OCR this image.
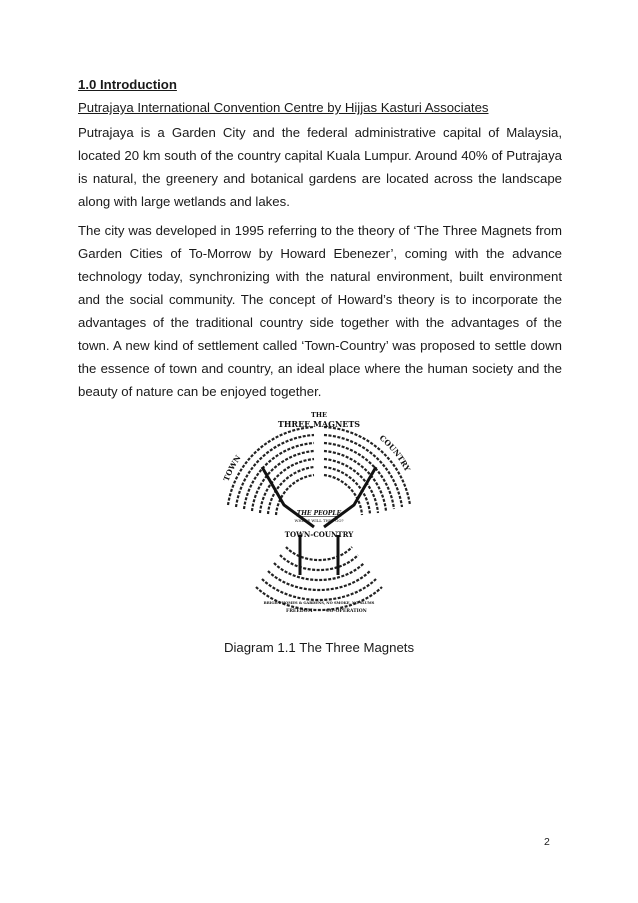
1.0 Introduction
Putrajaya International Convention Centre by Hijjas Kasturi Associates

Putrajaya is a Garden City and the federal administrative capital of Malaysia, located 20 km south of the country capital Kuala Lumpur. Around 40% of Putrajaya is natural, the greenery and botanical gardens are located across the landscape along with large wetlands and lakes.

The city was developed in 1995 referring to the theory of ‘The Three Magnets from Garden Cities of To-Morrow by Howard Ebenezer’, coming with the advance technology today, synchronizing with the natural environment, built environment and the social community. The concept of Howard’s theory is to incorporate the advantages of the traditional country side together with the advantages of the town. A new kind of settlement called ‘Town-Country’ was proposed to settle down the essence of town and country, an ideal place where the human society and the beauty of nature can be enjoyed together.

THE
THREE MAGNETS
TOWN
COUNTRY
THE PEOPLE
WHERE WILL THEY GO?
TOWN-COUNTRY
FREEDOM	CO-OPERATION
BRIGHT HOMES & GARDENS, NO SMOKE, NO SLUMS
Diagram 1.1 The Three Magnets
2
